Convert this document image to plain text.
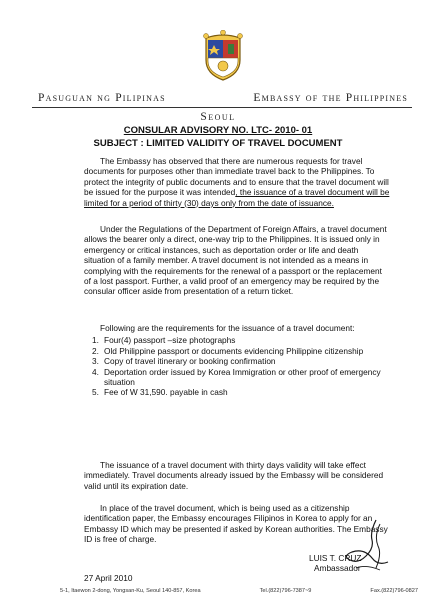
Pasuguan ng Pilipinas	Embassy of the Philippines
Seoul
CONSULAR ADVISORY NO. LTC- 2010- 01
SUBJECT : LIMITED VALIDITY OF TRAVEL DOCUMENT

The Embassy has observed that there are numerous requests for travel documents for purposes other than immediate travel back to the Philippines. To protect the integrity of public documents and to ensure that the travel document will be issued for the purpose it was intended, the issuance of a travel document will be limited for a period of thirty (30) days only from the date of issuance.

Under the Regulations of the Department of Foreign Affairs, a travel document allows the bearer only a direct, one-way trip to the Philippines. It is issued only in emergency or critical instances, such as deportation order or life and death situation of a family member. A travel document is not intended as a means in complying with the requirements for the renewal of a passport or the replacement of a lost passport. Further, a valid proof of an emergency may be required by the consular officer aside from presentation of a return ticket.

Following are the requirements for the issuance of a travel document:

1. Four(4) passport –size photographs
2. Old Philippine passport or documents evidencing Philippine citizenship
3. Copy of travel itinerary or booking confirmation
4. Deportation order issued by Korea Immigration or other proof of emergency situation
5. Fee of W 31,590. payable in cash

The issuance of a travel document with thirty days validity will take effect immediately. Travel documents already issued by the Embassy will be considered valid until its expiration date.

In place of the travel document, which is being used as a citizenship identification paper, the Embassy encourages Filipinos in Korea to apply for an Embassy ID which may be presented if asked by Korean authorities. The Embassy ID is free of charge.

LUIS T. CRUZ
Ambassador
27 April 2010
5-1, Itaewon 2-dong, Yongsan-Ku, Seoul 140-857, Korea	Tel.(822)796-7387~9	Fax.(822)796-0827
